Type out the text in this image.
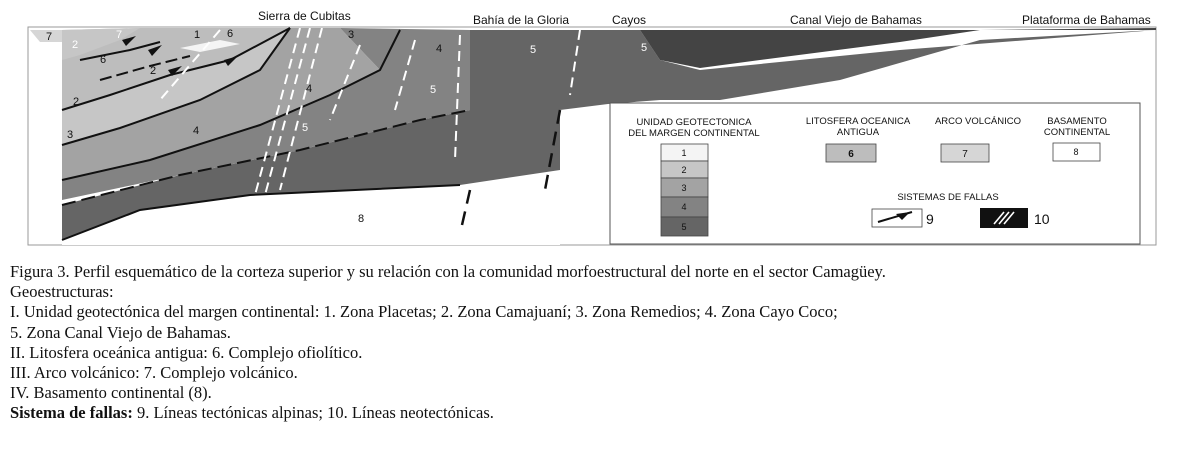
Sierra de Cubitas	Bahía de la Gloria	Cayos	Canal Viejo de Bahamas	Plataforma de Bahamas
7
2
7	1 6	3
6
2
4	5	5
2
4	5
3	4	5
8
UNIDAD GEOTECTONICA
DEL MARGEN CONTINENTAL
LITOSFERA OCEANICA
ANTIGUA
ARCO VOLCÁNICO	BASAMENTO
CONTINENTAL
SISTEMAS DE FALLAS
1
2
3
4
5
6	7	8
9	10
Figura 3. Perfil esquemático de la corteza superior y su relación con la comunidad morfoestructural del norte en el sector Camagüey.
Geoestructuras:
I. Unidad geotectónica del margen continental: 1. Zona Placetas; 2. Zona Camajuaní; 3. Zona Remedios; 4. Zona Cayo Coco;
5. Zona Canal Viejo de Bahamas.
II. Litosfera oceánica antigua: 6. Complejo ofiolítico.
III. Arco volcánico: 7. Complejo volcánico.
IV. Basamento continental (8).
Sistema de fallas: 9. Líneas tectónicas alpinas; 10. Líneas neotectónicas.
